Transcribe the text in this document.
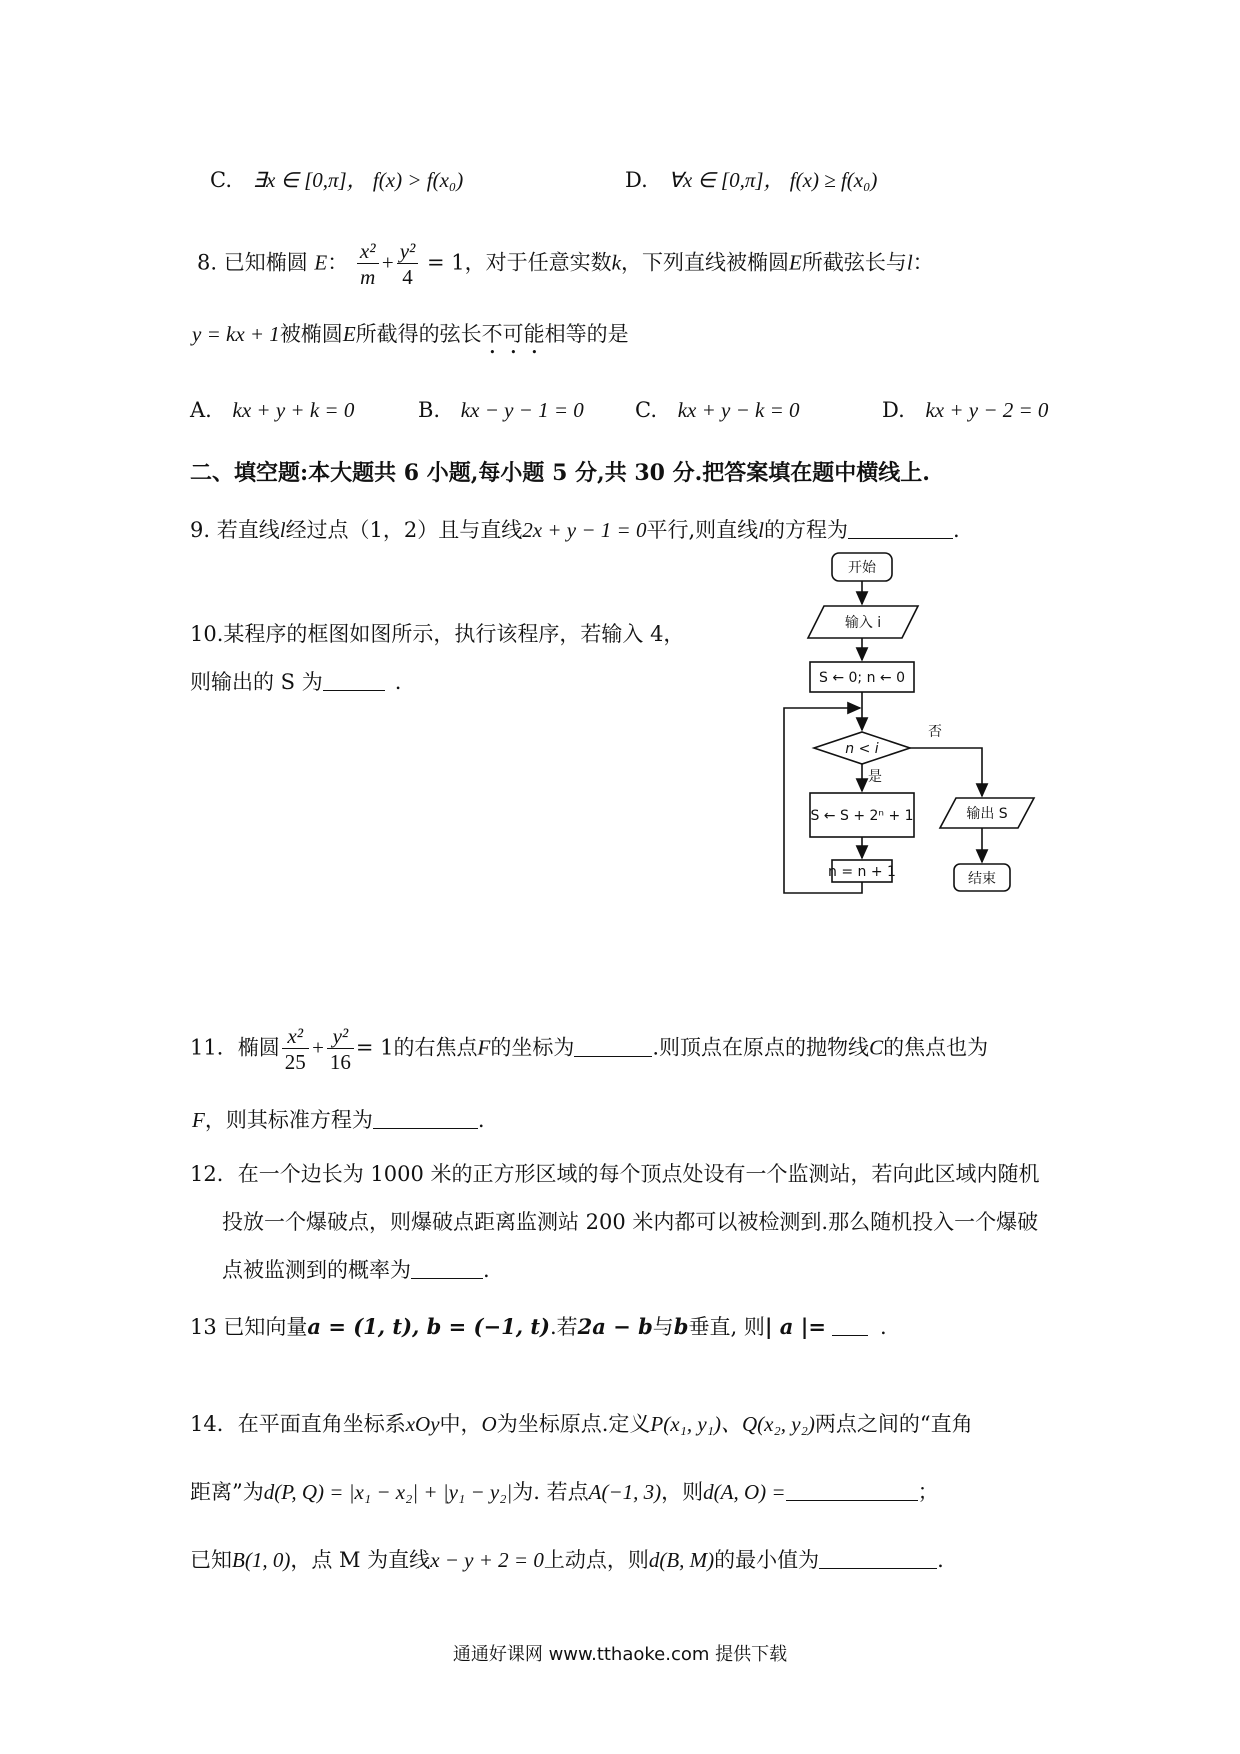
C. ∃x ∈ [0,π]， f(x) > f(x₀)	D. ∀x ∈ [0,π]， f(x) ≥ f(x₀)
8. 已知椭圆 E： $\frac{\text{x²}}{m} + \frac{\text{y²}}{4} = 1$，对于任意实数k，下列直线被椭圆E所截弦长与l：
y = kx + 1被椭圆E所截得的弦长不可能相等的是
A. kx + y + k = 0	B. kx − y − 1 = 0 C. kx + y − k = 0	D. kx + y − 2 = 0
二、填空题:本大题共 6 小题,每小题 5 分,共 30 分.把答案填在题中横线上.
9. 若直线l经过点（1，2）且与直线2x + y − 1 = 0平行,则直线l的方程为	.
10.某程序的框图如图所示，执行该程序，若输入 4，
则输出的 S 为	.
开始
输入 i
S ← 0; n ← 0
n < i
否
是
S ← S + 2ⁿ + 1
n = n + 1
输出 S
结束
11．椭圆 $\frac{\text{x²}}{25} + \frac{\text{y²}}{16} = 1$的右焦点F的坐标为	.则顶点在原点的抛物线C的焦点也为
F，则其标准方程为	.
12．在一个边长为 1000 米的正方形区域的每个顶点处设有一个监测站，若向此区域内随机
投放一个爆破点，则爆破点距离监测站 200 米内都可以被检测到.那么随机投入一个爆破
点被监测到的概率为	.
13 已知向量a = (1, t), b = (−1, t).若2a − b与b垂直, 则| a |=	.
14．在平面直角坐标系xOy中，O为坐标原点.定义P(x₁, y₁)、Q(x₂, y₂)两点之间的“直角
距离”为d(P, Q) = |x₁ − x₂| + |y₁ − y₂|为. 若点A(−1, 3)，则d(A, O) =	；
已知B(1, 0)，点 M 为直线x − y + 2 = 0上动点，则d(B, M)的最小值为	.
通通好课网 www.tthaoke.com 提供下载
